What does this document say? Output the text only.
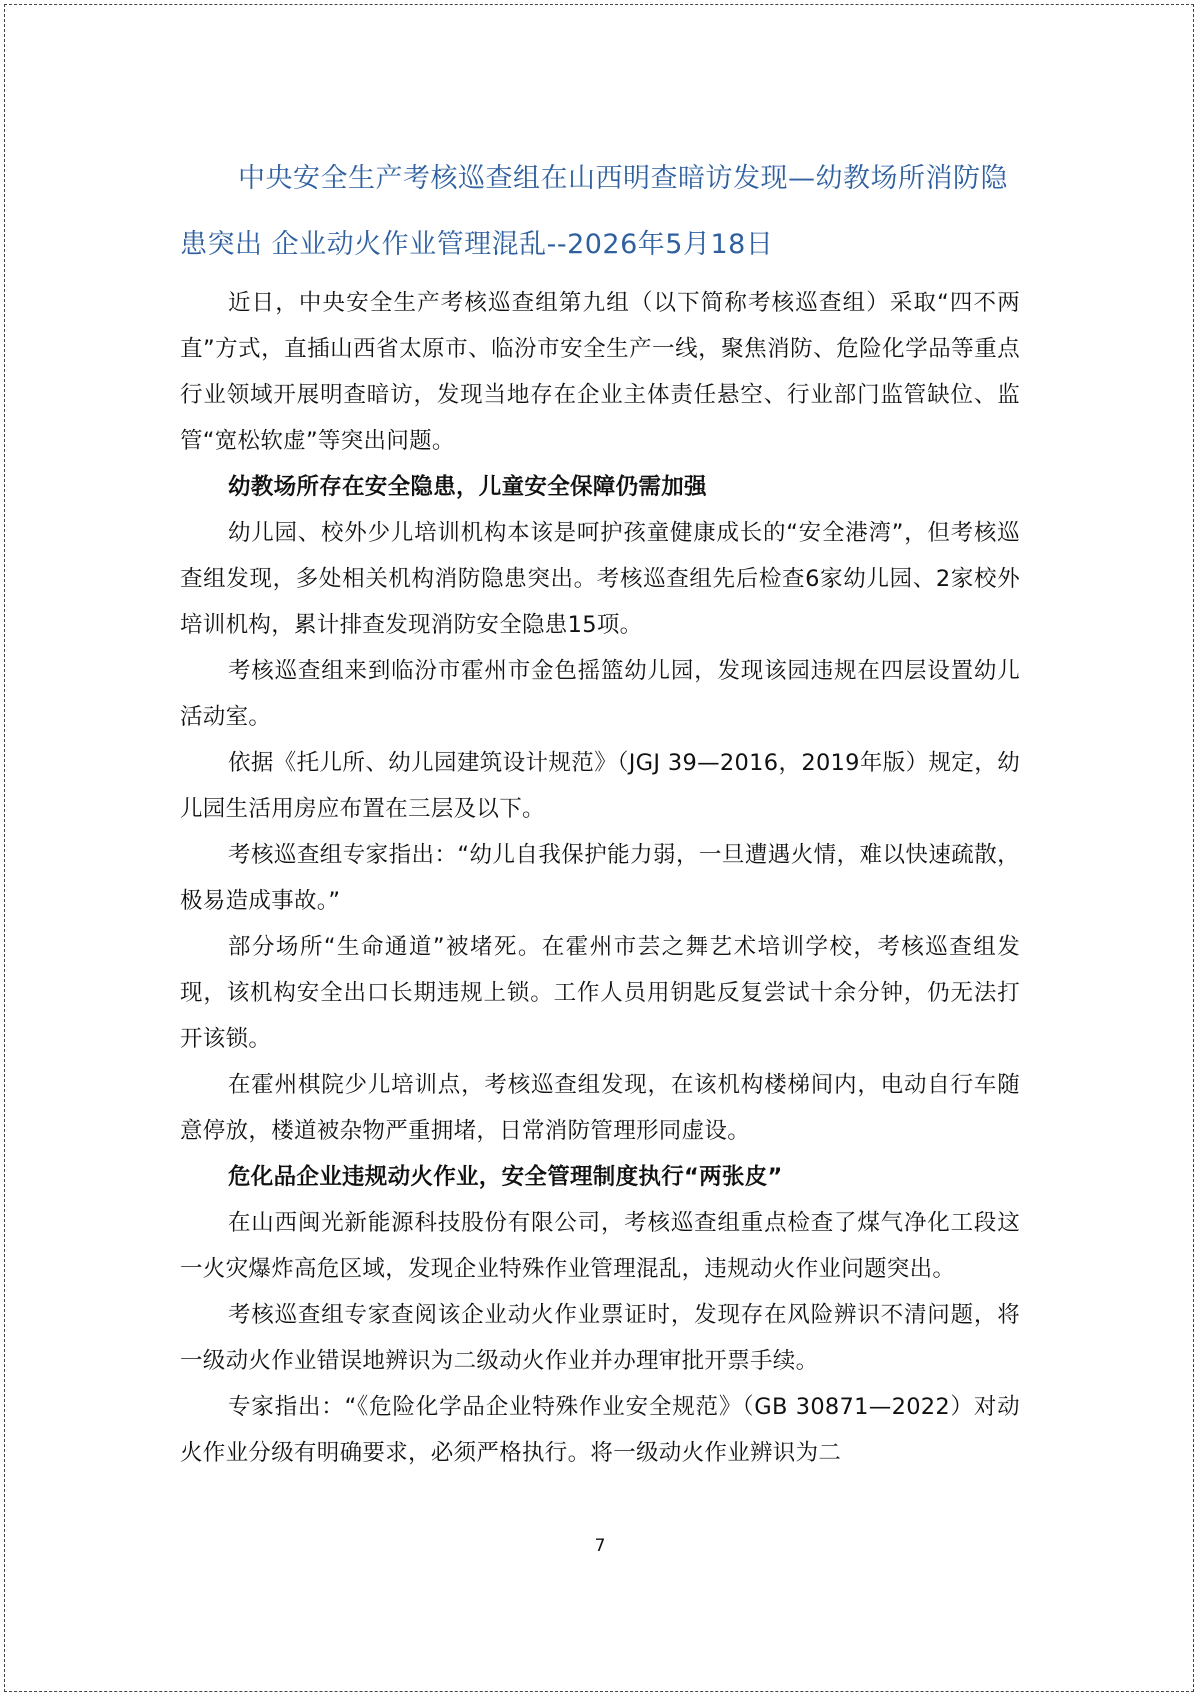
中央安全生产考核巡查组在山西明查暗访发现—幼教场所消防隐患突出 企业动火作业管理混乱--2026年5月18日

近日，中央安全生产考核巡查组第九组（以下简称考核巡查组）采取“四不两直”方式，直插山西省太原市、临汾市安全生产一线，聚焦消防、危险化学品等重点行业领域开展明查暗访，发现当地存在企业主体责任悬空、行业部门监管缺位、监管“宽松软虚”等突出问题。

幼教场所存在安全隐患，儿童安全保障仍需加强

幼儿园、校外少儿培训机构本该是呵护孩童健康成长的“安全港湾”，但考核巡查组发现，多处相关机构消防隐患突出。考核巡查组先后检查6家幼儿园、2家校外培训机构，累计排查发现消防安全隐患15项。

考核巡查组来到临汾市霍州市金色摇篮幼儿园，发现该园违规在四层设置幼儿活动室。

依据《托儿所、幼儿园建筑设计规范》（JGJ 39—2016，2019年版）规定，幼儿园生活用房应布置在三层及以下。

考核巡查组专家指出：“幼儿自我保护能力弱，一旦遭遇火情，难以快速疏散，极易造成事故。”

部分场所“生命通道”被堵死。在霍州市芸之舞艺术培训学校，考核巡查组发现，该机构安全出口长期违规上锁。工作人员用钥匙反复尝试十余分钟，仍无法打开该锁。

在霍州棋院少儿培训点，考核巡查组发现，在该机构楼梯间内，电动自行车随意停放，楼道被杂物严重拥堵，日常消防管理形同虚设。

危化品企业违规动火作业，安全管理制度执行“两张皮”

在山西闽光新能源科技股份有限公司，考核巡查组重点检查了煤气净化工段这一火灾爆炸高危区域，发现企业特殊作业管理混乱，违规动火作业问题突出。

考核巡查组专家查阅该企业动火作业票证时，发现存在风险辨识不清问题，将一级动火作业错误地辨识为二级动火作业并办理审批开票手续。

专家指出：“《危险化学品企业特殊作业安全规范》（GB 30871—2022）对动火作业分级有明确要求，必须严格执行。将一级动火作业辨识为二

7
